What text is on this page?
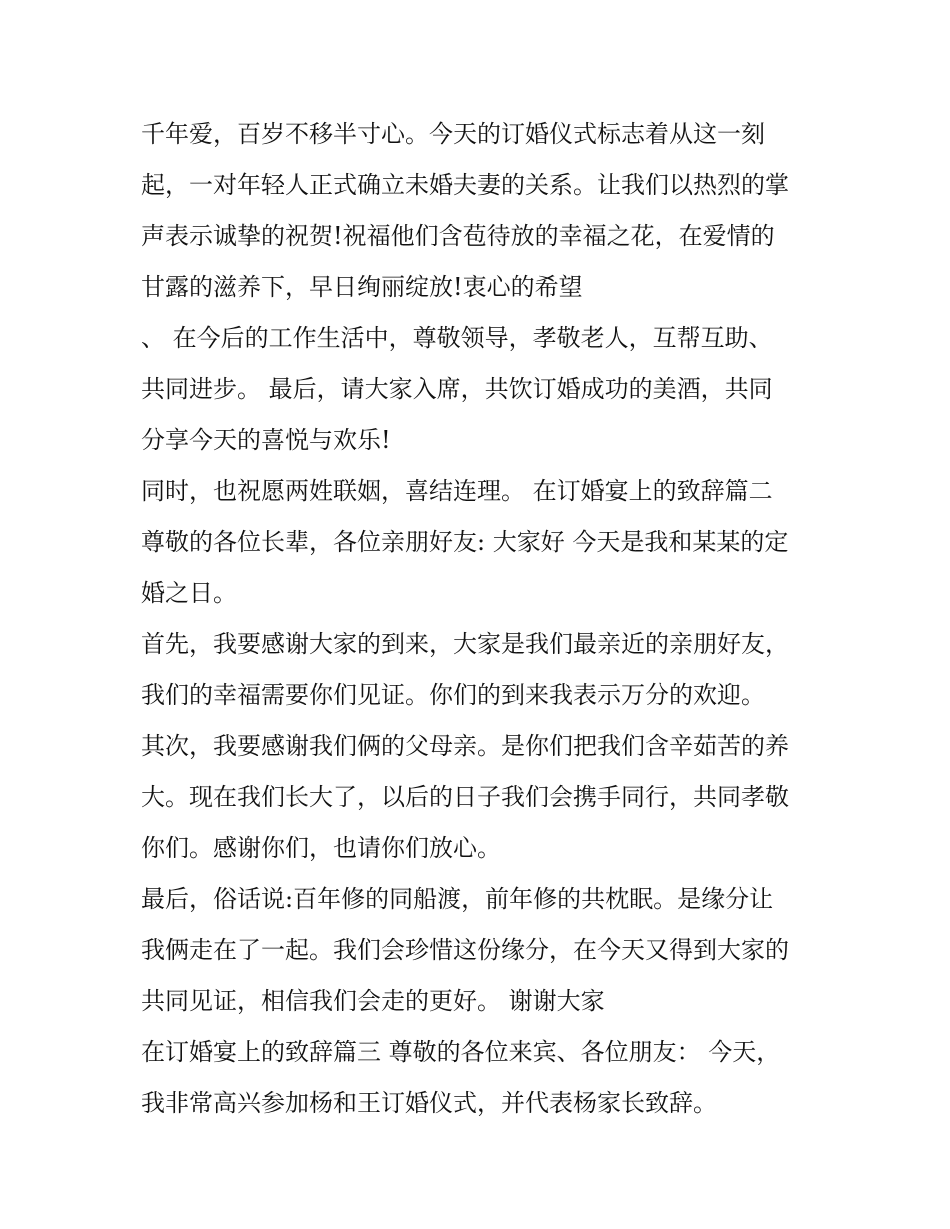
千年爱，百岁不移半寸心。今天的订婚仪式标志着从这一刻
起，一对年轻人正式确立未婚夫妻的关系。让我们以热烈的掌
声表示诚挚的祝贺!祝福他们含苞待放的幸福之花，在爱情的
甘露的滋养下，早日绚丽绽放!衷心的希望
、 在今后的工作生活中，尊敬领导，孝敬老人，互帮互助、
共同进步。 最后，请大家入席，共饮订婚成功的美酒，共同
分享今天的喜悦与欢乐!
同时，也祝愿两姓联姻，喜结连理。 在订婚宴上的致辞篇二
尊敬的各位长辈，各位亲朋好友: 大家好 今天是我和某某的定
婚之日。
首先，我要感谢大家的到来，大家是我们最亲近的亲朋好友，
我们的幸福需要你们见证。你们的到来我表示万分的欢迎。
其次，我要感谢我们俩的父母亲。是你们把我们含辛茹苦的养
大。现在我们长大了，以后的日子我们会携手同行，共同孝敬
你们。感谢你们，也请你们放心。
最后，俗话说:百年修的同船渡，前年修的共枕眠。是缘分让
我俩走在了一起。我们会珍惜这份缘分，在今天又得到大家的
共同见证，相信我们会走的更好。 谢谢大家
在订婚宴上的致辞篇三 尊敬的各位来宾、各位朋友： 今天，
我非常高兴参加杨和王订婚仪式，并代表杨家长致辞。
